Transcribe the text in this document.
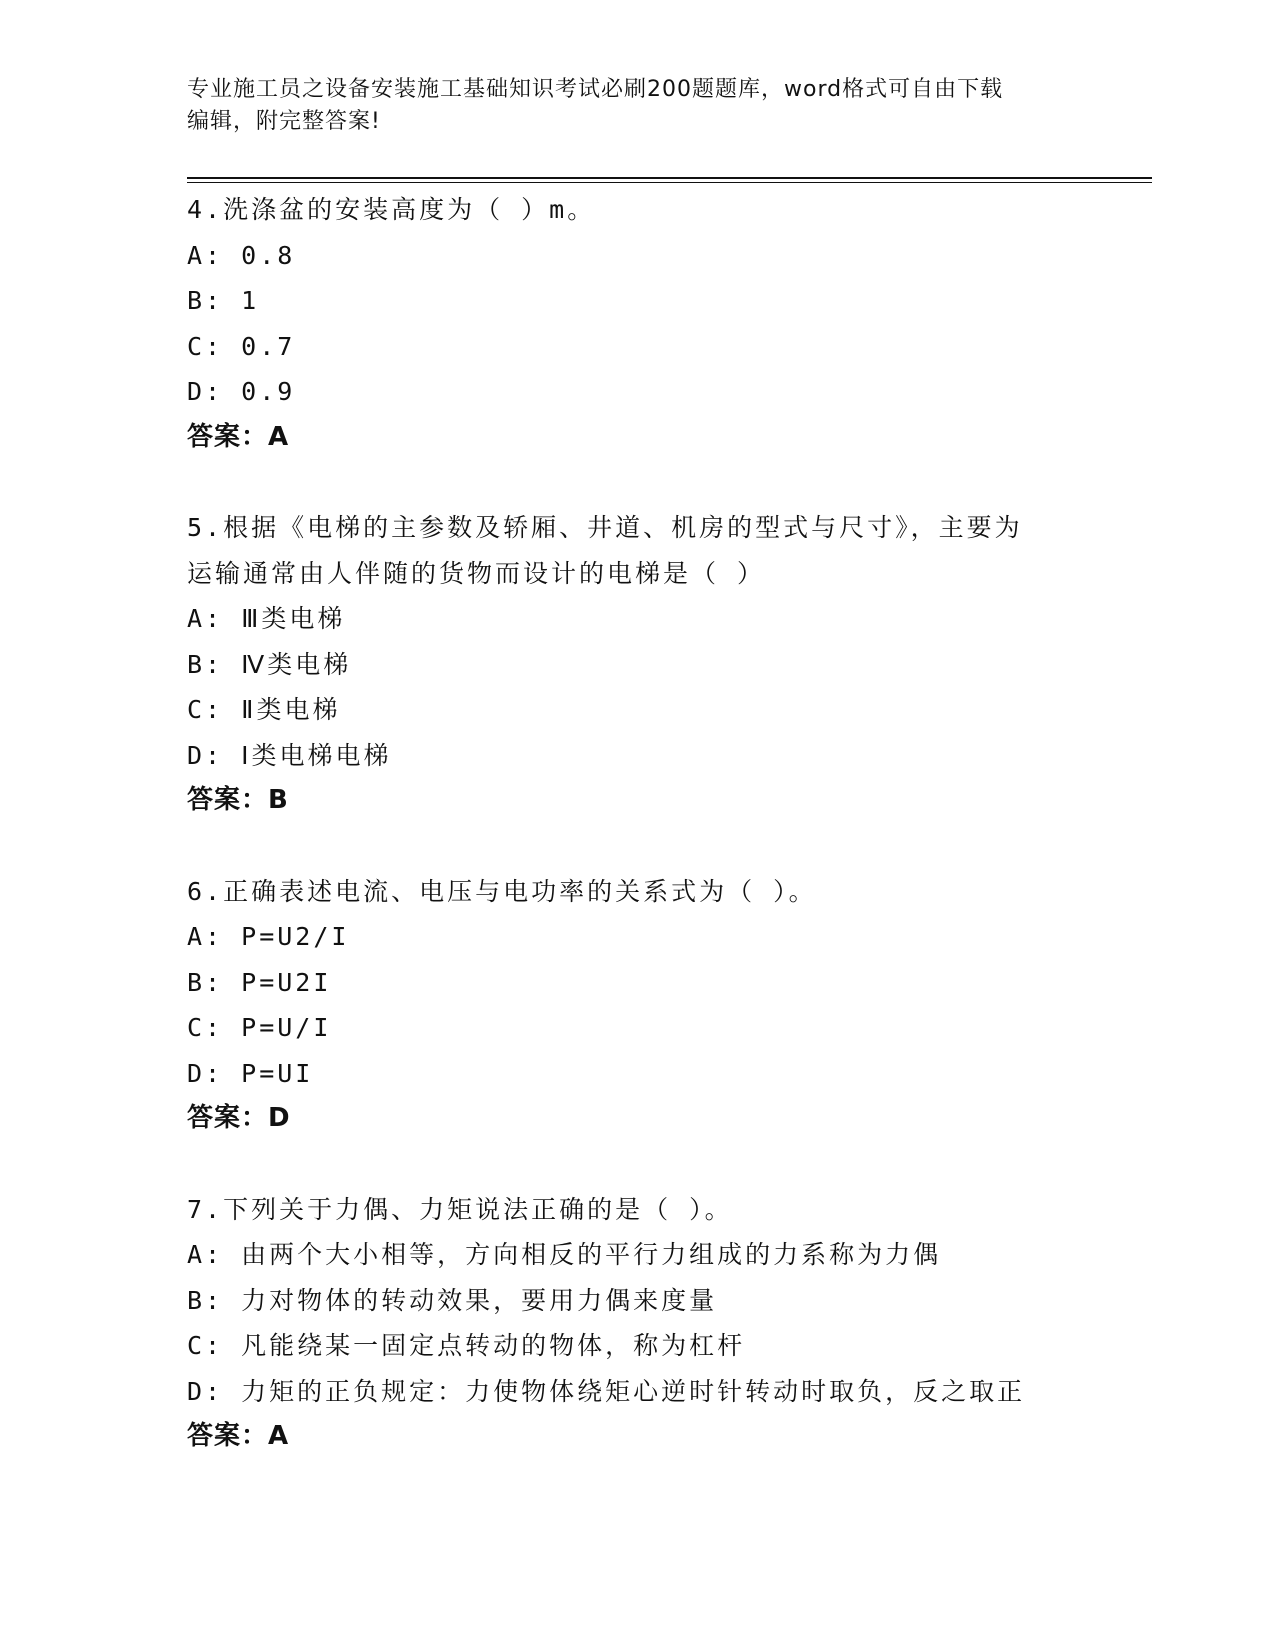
专业施工员之设备安装施工基础知识考试必刷200题题库，word格式可自由下载
编辑，附完整答案!
4.洗涤盆的安装高度为（ ）m。
A: 0.8
B: 1
C: 0.7
D: 0.9
答案：A
5.根据《电梯的主参数及轿厢、井道、机房的型式与尺寸》，主要为
运输通常由人伴随的货物而设计的电梯是（ ）
A: Ⅲ类电梯
B: Ⅳ类电梯
C: Ⅱ类电梯
D: Ⅰ类电梯电梯
答案：B
6.正确表述电流、电压与电功率的关系式为（ ）。
A: P=U2/I
B: P=U2I
C: P=U/I
D: P=UI
答案：D
7.下列关于力偶、力矩说法正确的是（ ）。
A: 由两个大小相等，方向相反的平行力组成的力系称为力偶
B: 力对物体的转动效果，要用力偶来度量
C: 凡能绕某一固定点转动的物体，称为杠杆
D: 力矩的正负规定：力使物体绕矩心逆时针转动时取负，反之取正
答案：A
